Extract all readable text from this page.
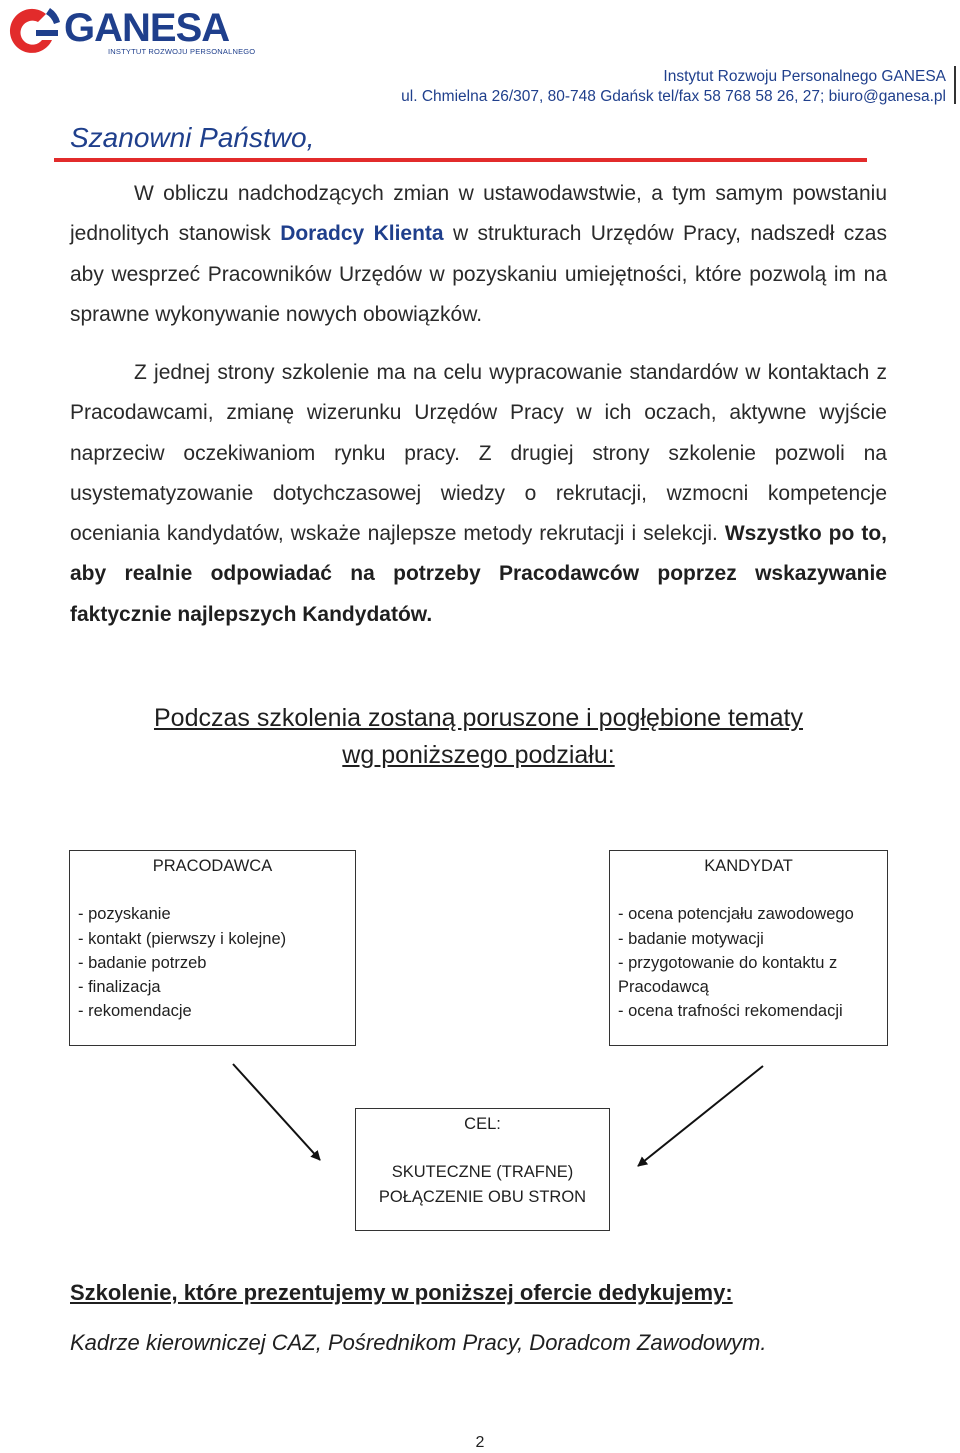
GANESA
INSTYTUT ROZWOJU PERSONALNEGO
Instytut Rozwoju Personalnego GANESA
ul. Chmielna 26/307, 80-748 Gdańsk tel/fax 58 768 58 26, 27; biuro@ganesa.pl
Szanowni Państwo,
W obliczu nadchodzących zmian w ustawodawstwie, a tym samym powstaniu jednolitych stanowisk Doradcy Klienta w strukturach Urzędów Pracy, nadszedł czas aby wesprzeć Pracowników Urzędów w pozyskaniu umiejętności, które pozwolą im na sprawne wykonywanie nowych obowiązków.
Z jednej strony szkolenie ma na celu wypracowanie standardów w kontaktach z Pracodawcami, zmianę wizerunku Urzędów Pracy w ich oczach, aktywne wyjście naprzeciw oczekiwaniom rynku pracy. Z drugiej strony szkolenie pozwoli na usystematyzowanie dotychczasowej wiedzy o rekrutacji, wzmocni kompetencje oceniania kandydatów, wskaże najlepsze metody rekrutacji i selekcji. Wszystko po to, aby realnie odpowiadać na potrzeby Pracodawców poprzez wskazywanie faktycznie najlepszych Kandydatów.
Podczas szkolenia zostaną poruszone i pogłębione tematy
wg poniższego podziału:
PRACODAWCA
- pozyskanie
- kontakt (pierwszy i kolejne)
- badanie potrzeb
- finalizacja
- rekomendacje
KANDYDAT
- ocena potencjału zawodowego
- badanie motywacji
- przygotowanie do kontaktu z Pracodawcą
- ocena trafności rekomendacji
CEL:
SKUTECZNE (TRAFNE)
POŁĄCZENIE OBU STRON
Szkolenie, które prezentujemy w poniższej ofercie dedykujemy:
Kadrze kierowniczej CAZ, Pośrednikom Pracy, Doradcom Zawodowym.
2
